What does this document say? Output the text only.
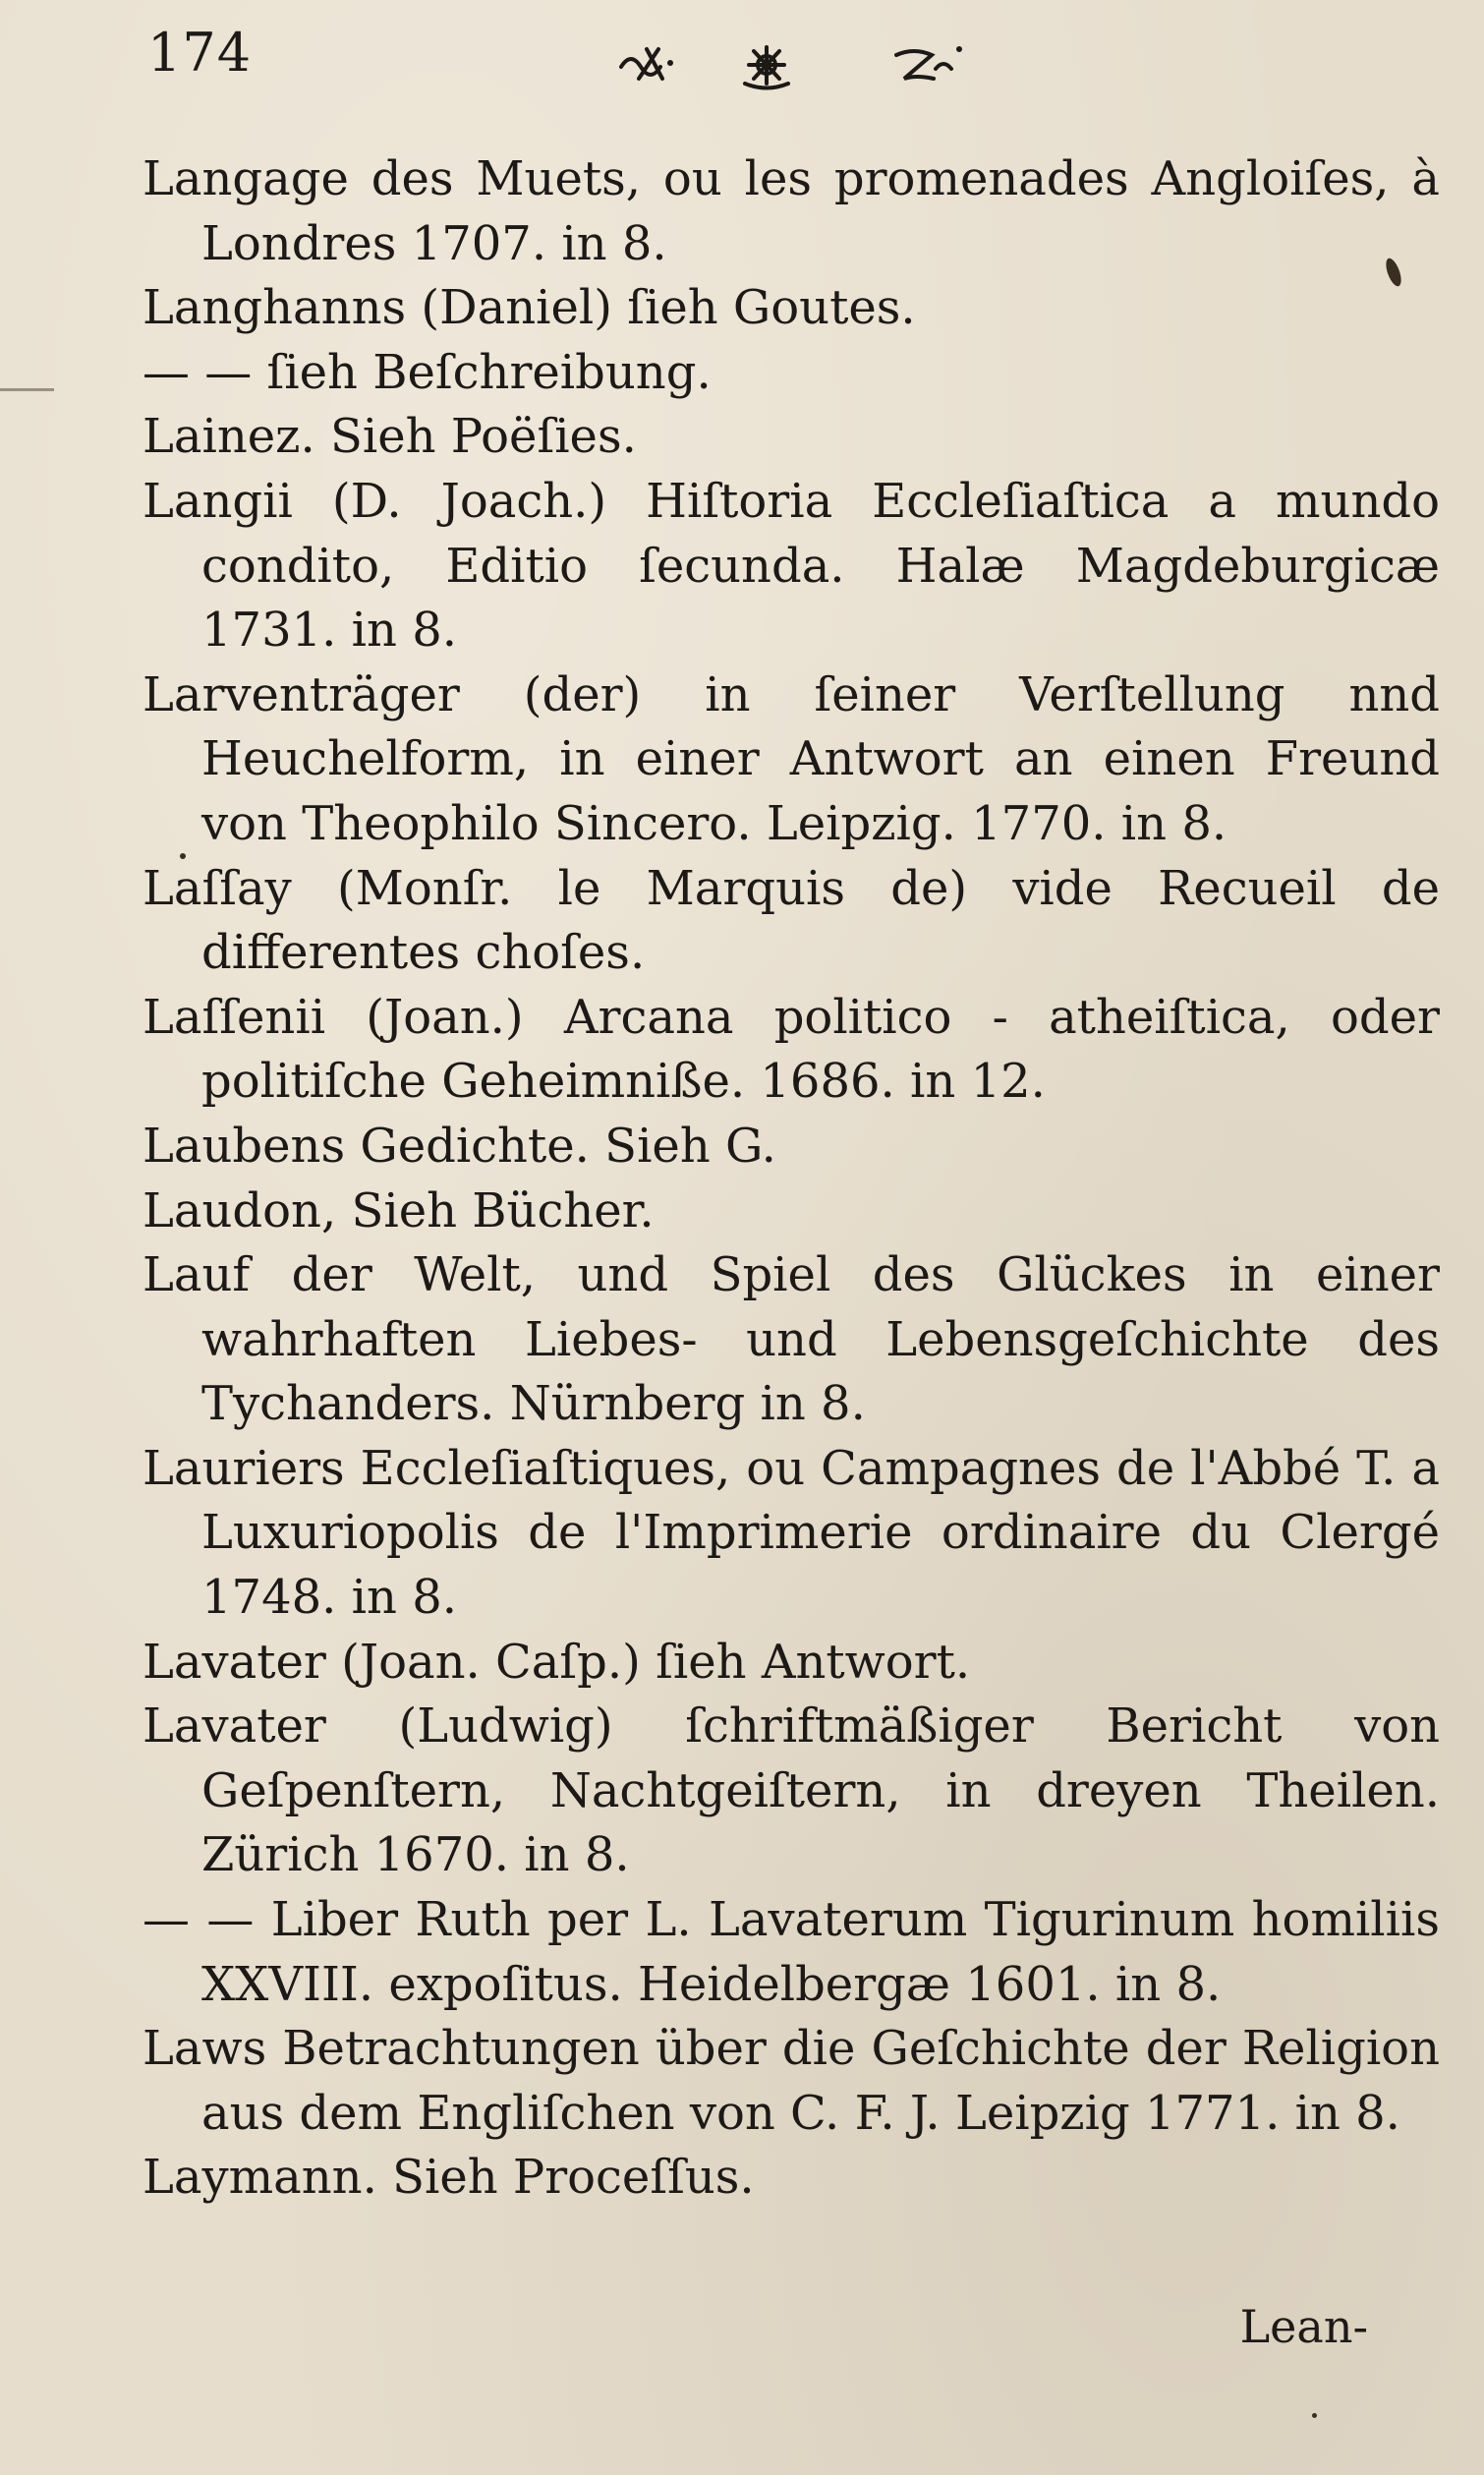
174

Langage des Muets, ou les promenades Angloiſes, à Londres 1707. in 8.

Langhanns (Daniel) ſieh Goutes.

— — ſieh Beſchreibung.

Lainez. Sieh Poëſies.

Langii (D. Joach.) Hiſtoria Eccleſiaſtica a mundo condito, Editio ſecunda. Halæ Magdeburgicæ 1731. in 8.

Larventräger (der) in ſeiner Verſtellung nnd Heuchelform, in einer Antwort an einen Freund von Theophilo Sincero. Leipzig. 1770. in 8.

Laſſay (Monſr. le Marquis de) vide Recueil de differentes choſes.

Laſſenii (Joan.) Arcana politico - atheiſtica, oder politiſche Geheimniße. 1686. in 12.

Laubens Gedichte. Sieh G.

Laudon, Sieh Bücher.

Lauf der Welt, und Spiel des Glückes in einer wahrhaften Liebes- und Lebensgeſchichte des Tychanders. Nürnberg in 8.

Lauriers Eccleſiaſtiques, ou Campagnes de l'Abbé T. a Luxuriopolis de l'Imprimerie ordinaire du Clergé 1748. in 8.

Lavater (Joan. Caſp.) ſieh Antwort.

Lavater (Ludwig) ſchriftmäßiger Bericht von Geſpenſtern, Nachtgeiſtern, in dreyen Theilen. Zürich 1670. in 8.

— — Liber Ruth per L. Lavaterum Tigurinum homiliis XXVIII. expoſitus. Heidelbergæ 1601. in 8.

Laws Betrachtungen über die Geſchichte der Religion aus dem Engliſchen von C. F. J. Leipzig 1771. in 8.

Laymann. Sieh Proceſſus.

Lean-
